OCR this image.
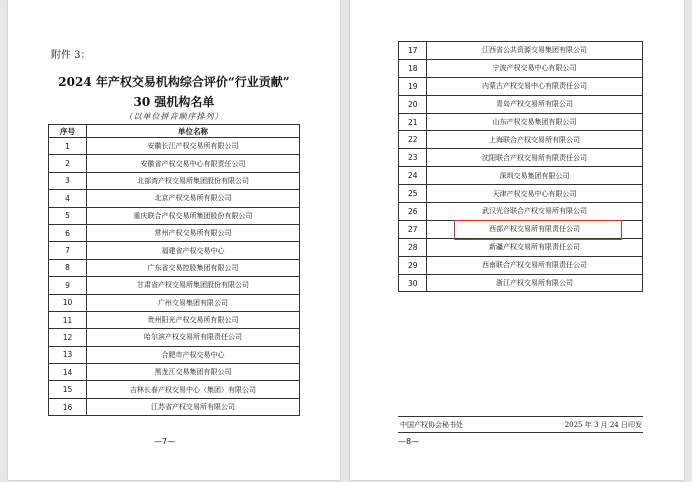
附件 3：
2024 年产权交易机构综合评价“行业贡献”
30 强机构名单
（以单位拼音顺序排列）
序号	单位名称
1	安徽长江产权交易所有限公司
2	安徽省产权交易中心有限责任公司
3	北部湾产权交易所集团股份有限公司
4	北京产权交易所有限公司
5	重庆联合产权交易所集团股份有限公司
6	常州产权交易所有限公司
7	福建省产权交易中心
8	广东省交易控股集团有限公司
9	甘肃省产权交易所集团股份有限公司
10	广州交易集团有限公司
11	贵州阳光产权交易所有限公司
12	哈尔滨产权交易所有限责任公司
13	合肥市产权交易中心
14	黑龙江交易集团有限公司
15	吉林长春产权交易中心（集团）有限公司
16	江苏省产权交易所有限公司
—7—
17	江西省公共资源交易集团有限公司
18	宁波产权交易中心有限公司
19	内蒙古产权交易中心有限责任公司
20	青岛产权交易所有限公司
21	山东产权交易集团有限公司
22	上海联合产权交易所有限公司
23	沈阳联合产权交易所有限责任公司
24	深圳交易集团有限公司
25	天津产权交易中心有限公司
26	武汉光谷联合产权交易所有限公司
27	西部产权交易所有限责任公司
28	新疆产权交易所有限责任公司
29	西南联合产权交易所有限责任公司
30	浙江产权交易所有限公司
中国产权协会秘书处	2025 年 3 月 24 日印发
—8—
